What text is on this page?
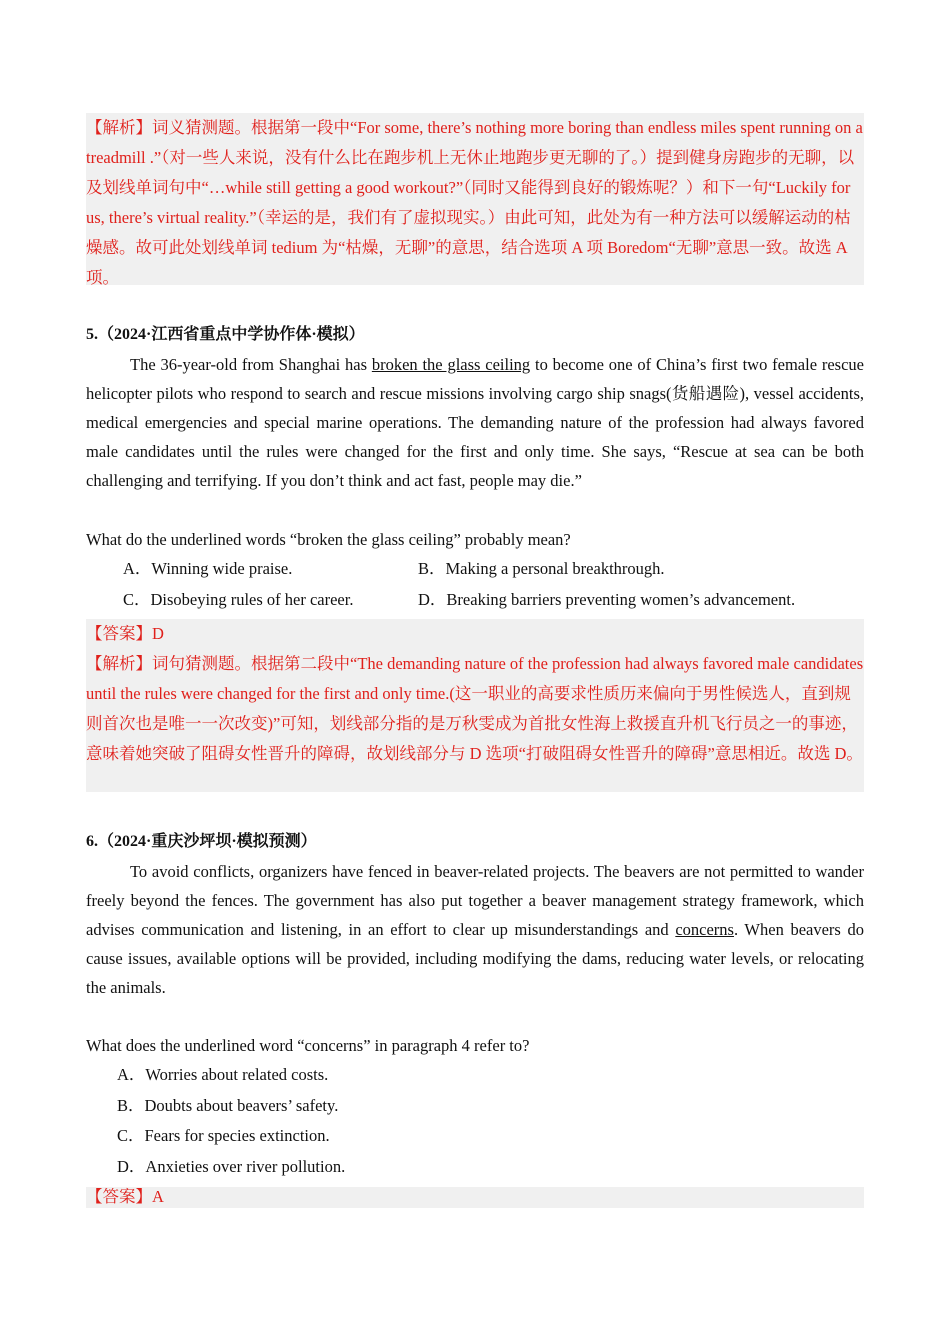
【解析】词义猜测题。根据第一段中“For some, there’s nothing more boring than endless miles spent running on a treadmill .”（对一些人来说，没有什么比在跑步机上无休止地跑步更无聊的了。）提到健身房跑步的无聊，以及划线单词句中“…while still getting a good workout?”（同时又能得到良好的锻炼呢？）和下一句“Luckily for us, there’s virtual reality.”（幸运的是，我们有了虚拟现实。）由此可知，此处为有一种方法可以缓解运动的枯燥感。故可此处划线单词 tedium 为“枯燥，无聊”的意思，结合选项 A 项 Boredom“无聊”意思一致。故选 A 项。

5.（2024·江西省重点中学协作体·模拟）
The 36-year-old from Shanghai has broken the glass ceiling to become one of China’s first two female rescue helicopter pilots who respond to search and rescue missions involving cargo ship snags(货船遇险), vessel accidents, medical emergencies and special marine operations. The demanding nature of the profession had always favored male candidates until the rules were changed for the first and only time. She says, “Rescue at sea can be both challenging and terrifying. If you don’t think and act fast, people may die.”
What do the underlined words “broken the glass ceiling” probably mean?
A．Winning wide praise.	B．Making a personal breakthrough.
C．Disobeying rules of her career.	D．Breaking barriers preventing women’s advancement.

【答案】D

【解析】词句猜测题。根据第二段中“The demanding nature of the profession had always favored male candidates until the rules were changed for the first and only time.(这一职业的高要求性质历来偏向于男性候选人，直到规则首次也是唯一一次改变)”可知，划线部分指的是万秋雯成为首批女性海上救援直升机飞行员之一的事迹，意味着她突破了阻碍女性晋升的障碍，故划线部分与 D 选项“打破阻碍女性晋升的障碍”意思相近。故选 D。

6.（2024·重庆沙坪坝·模拟预测）
To avoid conflicts, organizers have fenced in beaver-related projects. The beavers are not permitted to wander freely beyond the fences. The government has also put together a beaver management strategy framework, which advises communication and listening, in an effort to clear up misunderstandings and concerns. When beavers do cause issues, available options will be provided, including modifying the dams, reducing water levels, or relocating the animals.
What does the underlined word “concerns” in paragraph 4 refer to?
A．Worries about related costs.
B．Doubts about beavers’ safety.
C．Fears for species extinction.
D．Anxieties over river pollution.
【答案】A
